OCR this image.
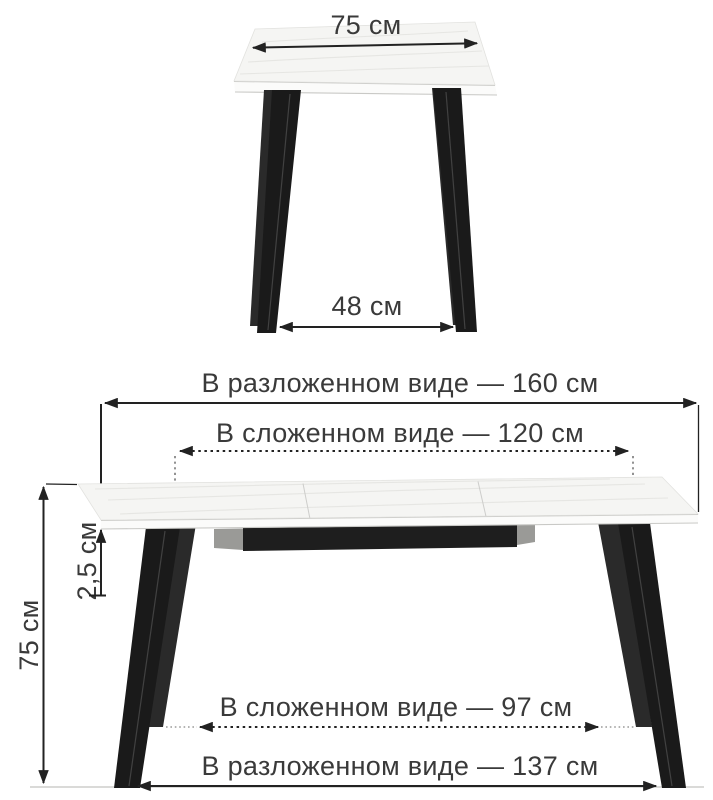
75 см
48 см
В разложенном виде — 160 см
В сложенном виде — 120 см
75 см
2,5 см
В сложенном виде — 97 см
В разложенном виде — 137 см
